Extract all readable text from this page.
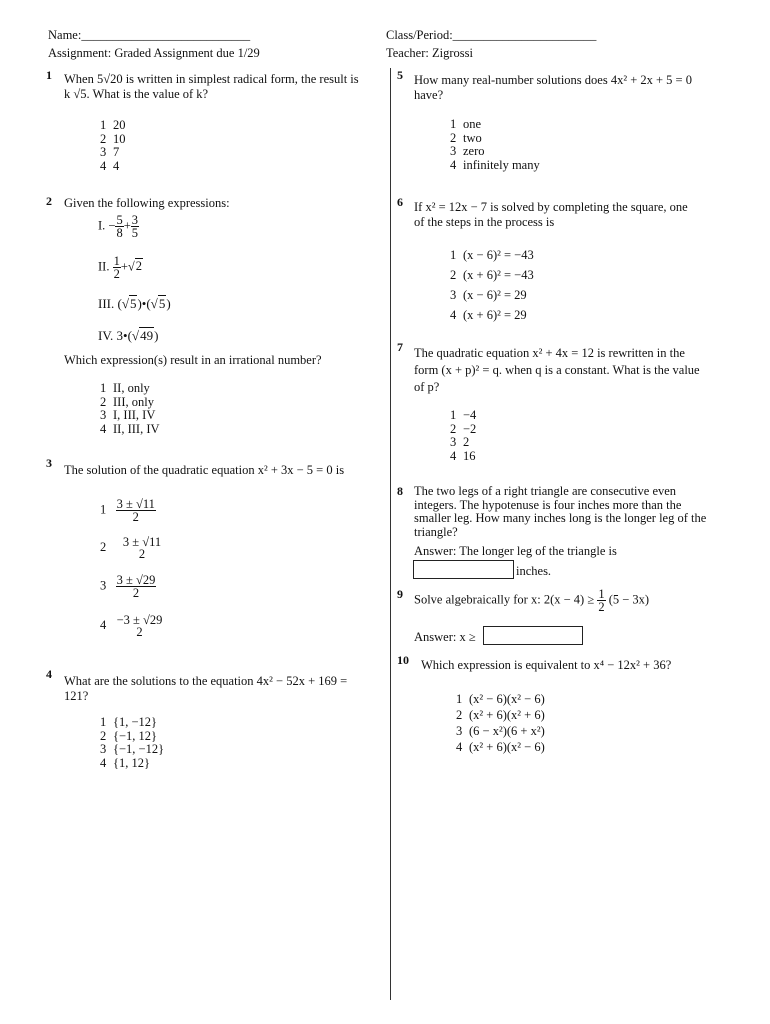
Name:___________________________	Class/Period:_______________________
Assignment: Graded Assignment due 1/29	Teacher: Zigrossi
1 When 5√20 is written in simplest radical form, the result is
k √5. What is the value of k?
1 20
2 10
3 7
4 4
2 Given the following expressions:
I. − $\frac{5}{8} + \frac{3}{5}$
II. $\frac{1}{2} +√2$
III. (√5)•(√5)
IV. 3•(√49)
Which expression(s) result in an irrational number?
1 II, only
2 III, only
3 I, III, IV
4 II, III, IV
3 The solution of the quadratic equation x² + 3x − 5 = 0 is
$1 \frac{3 \pm √11}{2}$
2 3 ± √11
2
$3 \frac{3 \pm √29}{2}$
4 −3 ± √29
2
4 What are the solutions to the equation 4x² − 52x + 169 =
121?
1 {1, −12}
2 {−1, 12}
3 {−1, −12}
4 {1, 12}
5 How many real-number solutions does 4x² + 2x + 5 = 0
have?
1 one
2 two
3 zero
4 infinitely many
6 If x² = 12x − 7 is solved by completing the square, one
of the steps in the process is
1 (x − 6)² = −43
2 (x + 6)² = −43
3 (x − 6)² = 29
4 (x + 6)² = 29
7 The quadratic equation x² + 4x = 12 is rewritten in the
form (x + p)² = q. when q is a constant. What is the value
of p?
1 −4
2 −2
3 2
4 16
8 The two legs of a right triangle are consecutive even integers. The hypotenuse is four inches more than the smaller leg. How many inches long is the longer leg of the triangle?
Answer: The longer leg of the triangle is
inches.
9 Solve algebraically for x: $2(x - 4) \ge \frac{1}{2} (5 - 3x)$
Answer: x ≥
10 Which expression is equivalent to x⁴ − 12x² + 36?
1 (x² − 6)(x² − 6)
2 (x² + 6)(x² + 6)
3 (6 − x²)(6 + x²)
4 (x² + 6)(x² − 6)
